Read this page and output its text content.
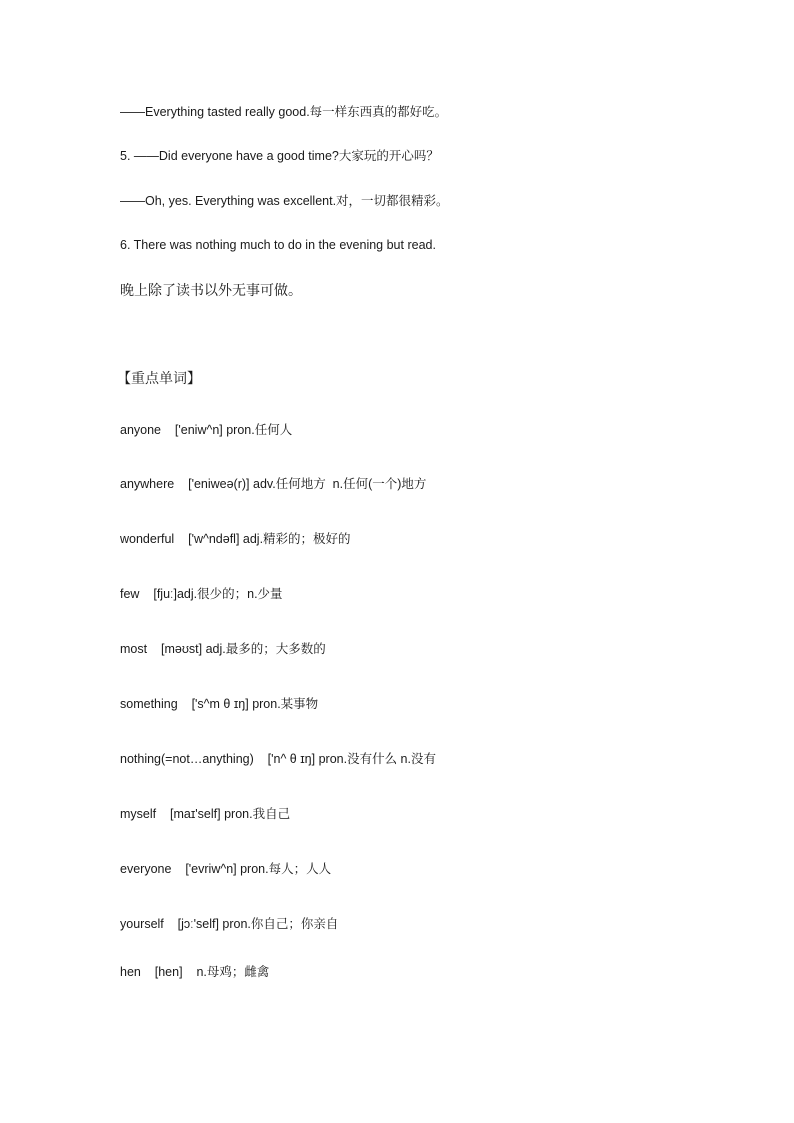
——Everything tasted really good.每一样东西真的都好吃。
5. ——Did everyone have a good time?大家玩的开心吗？
——Oh, yes. Everything was excellent.对，一切都很精彩。
6. There was nothing much to do in the evening but read.
晚上除了读书以外无事可做。
【重点单词】
anyone    ['eniw^n] pron.任何人
anywhere    ['eniweə(r)] adv.任何地方  n.任何(一个)地方
wonderful    ['w^ndəfl] adj.精彩的；极好的
few    [fjuː]adj.很少的；n.少量
most    [məʊst] adj.最多的；大多数的
something    ['s^m θ ɪŋ] pron.某事物
nothing(=not…anything)    ['n^ θ ɪŋ] pron.没有什么 n.没有
myself    [maɪ'self] pron.我自己
everyone    ['evriw^n] pron.每人；人人
yourself    [jɔː'self] pron.你自己；你亲自
hen    [hen]    n.母鸡；雌禽
